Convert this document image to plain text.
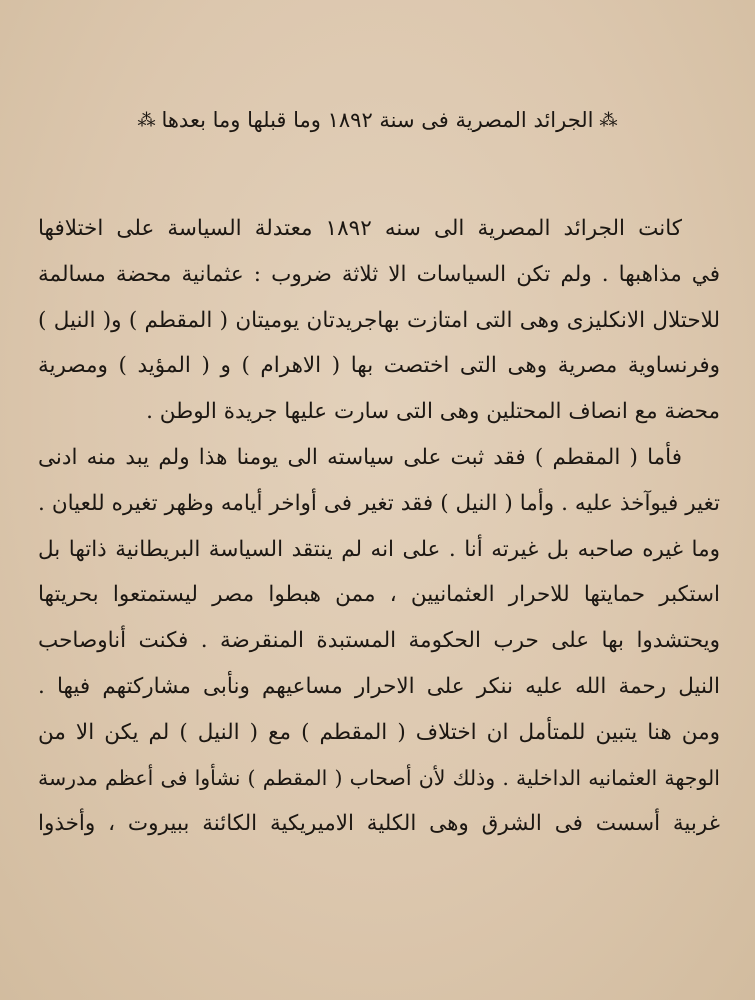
⁂الجرائد المصرية فى سنة ١٨٩٢ وما قبلها وما بعدها⁂
كانت الجرائد المصرية الى سنه ١٨٩٢ معتدلة السياسة على اختلافها
في مذاهبها . ولم تكن السياسات الا ثلاثة ضروب : عثمانية محضة مسالمة
للاحتلال الانكليزى وهى التى امتازت بهاجريدتان يوميتان ( المقطم ) و( النيل )
وفرنساوية مصرية وهى التى اختصت بها ( الاهرام ) و ( المؤيد ) ومصرية
محضة مع انصاف المحتلين وهى التى سارت عليها جريدة الوطن .
فأما ( المقطم ) فقد ثبت على سياسته الى يومنا هذا ولم يبد منه ادنى
تغير فيوآخذ عليه . وأما ( النيل ) فقد تغير فى أواخر أيامه وظهر تغيره للعيان .
وما غيره صاحبه بل غيرته أنا . على انه لم ينتقد السياسة البريطانية ذاتها بل
استكبر حمايتها للاحرار العثمانيين ، ممن هبطوا مصر ليستمتعوا بحريتها
ويحتشدوا بها على حرب الحكومة المستبدة المنقرضة . فكنت أناوصاحب
النيل رحمة الله عليه ننكر على الاحرار مساعيهم ونأبى مشاركتهم فيها .
ومن هنا يتبين للمتأمل ان اختلاف ( المقطم ) مع ( النيل ) لم يكن الا من
الوجهة العثمانيه الداخلية . وذلك لأن أصحاب ( المقطم ) نشأوا فى أعظم مدرسة
غربية أسست فى الشرق وهى الكلية الاميريكية الكائنة ببيروت ، وأخذوا
